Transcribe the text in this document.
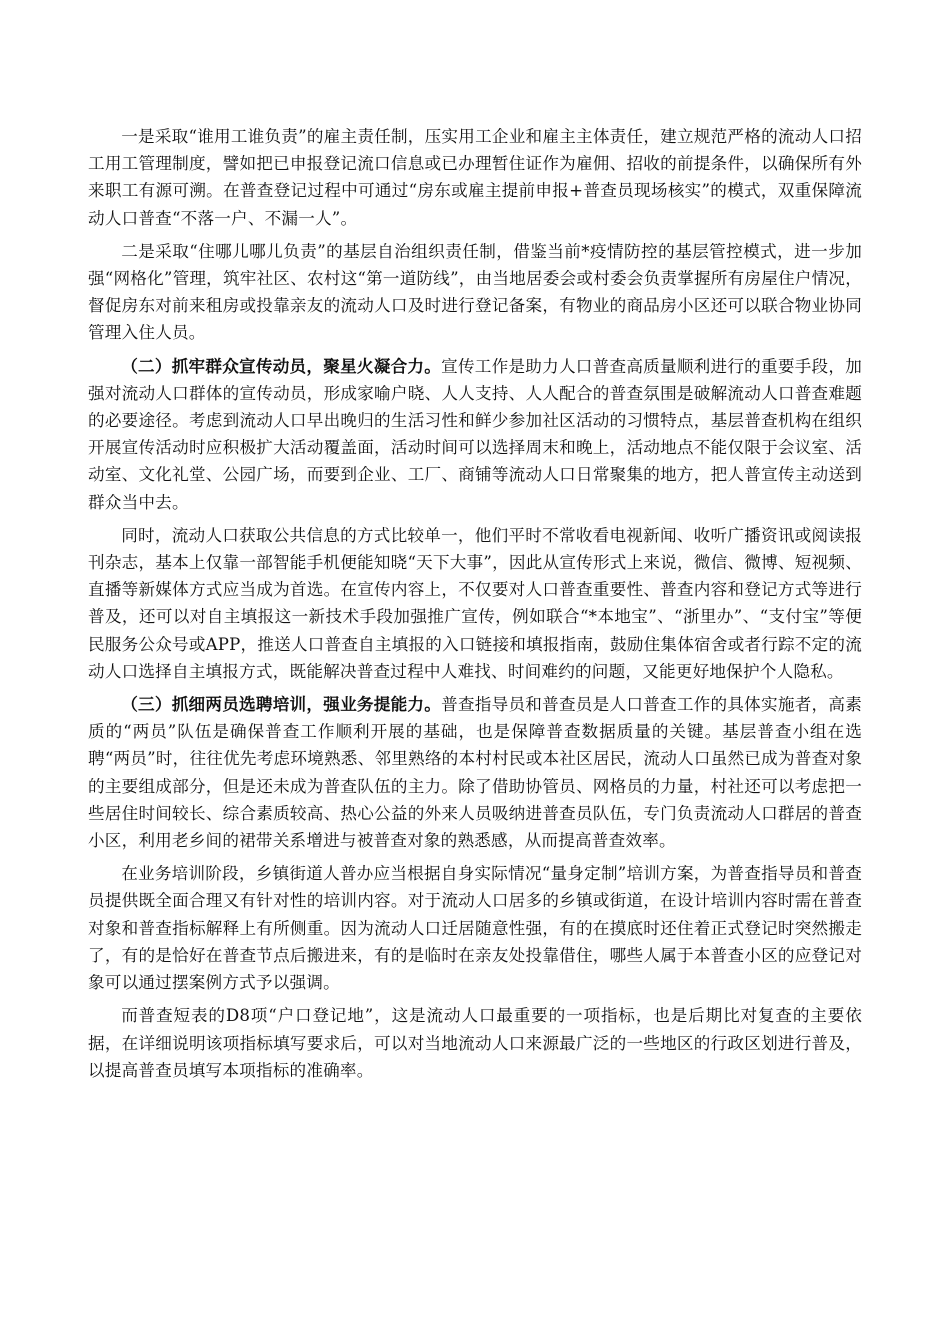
一是采取“谁用工谁负责”的雇主责任制，压实用工企业和雇主主体责任，建立规范严格的流动人口招工用工管理制度，譬如把已申报登记流口信息或已办理暂住证作为雇佣、招收的前提条件，以确保所有外来职工有源可溯。在普查登记过程中可通过“房东或雇主提前申报+普查员现场核实”的模式，双重保障流动人口普查“不落一户、不漏一人”。

二是采取“住哪儿哪儿负责”的基层自治组织责任制，借鉴当前*疫情防控的基层管控模式，进一步加强“网格化”管理，筑牢社区、农村这“第一道防线”，由当地居委会或村委会负责掌握所有房屋住户情况，督促房东对前来租房或投靠亲友的流动人口及时进行登记备案，有物业的商品房小区还可以联合物业协同管理入住人员。

（二）抓牢群众宣传动员，聚星火凝合力。宣传工作是助力人口普查高质量顺利进行的重要手段，加强对流动人口群体的宣传动员，形成家喻户晓、人人支持、人人配合的普查氛围是破解流动人口普查难题的必要途径。考虑到流动人口早出晚归的生活习性和鲜少参加社区活动的习惯特点，基层普查机构在组织开展宣传活动时应积极扩大活动覆盖面，活动时间可以选择周末和晚上，活动地点不能仅限于会议室、活动室、文化礼堂、公园广场，而要到企业、工厂、商铺等流动人口日常聚集的地方，把人普宣传主动送到群众当中去。

同时，流动人口获取公共信息的方式比较单一，他们平时不常收看电视新闻、收听广播资讯或阅读报刊杂志，基本上仅靠一部智能手机便能知晓“天下大事”，因此从宣传形式上来说，微信、微博、短视频、直播等新媒体方式应当成为首选。在宣传内容上，不仅要对人口普查重要性、普查内容和登记方式等进行普及，还可以对自主填报这一新技术手段加强推广宣传，例如联合“*本地宝”、“浙里办”、“支付宝”等便民服务公众号或APP，推送人口普查自主填报的入口链接和填报指南，鼓励住集体宿舍或者行踪不定的流动人口选择自主填报方式，既能解决普查过程中人难找、时间难约的问题，又能更好地保护个人隐私。

（三）抓细两员选聘培训，强业务提能力。普查指导员和普查员是人口普查工作的具体实施者，高素质的“两员”队伍是确保普查工作顺利开展的基础，也是保障普查数据质量的关键。基层普查小组在选聘“两员”时，往往优先考虑环境熟悉、邻里熟络的本村村民或本社区居民，流动人口虽然已成为普查对象的主要组成部分，但是还未成为普查队伍的主力。除了借助协管员、网格员的力量，村社还可以考虑把一些居住时间较长、综合素质较高、热心公益的外来人员吸纳进普查员队伍，专门负责流动人口群居的普查小区，利用老乡间的裙带关系增进与被普查对象的熟悉感，从而提高普查效率。

在业务培训阶段，乡镇街道人普办应当根据自身实际情况“量身定制”培训方案，为普查指导员和普查员提供既全面合理又有针对性的培训内容。对于流动人口居多的乡镇或街道，在设计培训内容时需在普查对象和普查指标解释上有所侧重。因为流动人口迁居随意性强，有的在摸底时还住着正式登记时突然搬走了，有的是恰好在普查节点后搬进来，有的是临时在亲友处投靠借住，哪些人属于本普查小区的应登记对象可以通过摆案例方式予以强调。

而普查短表的D8项“户口登记地”，这是流动人口最重要的一项指标，也是后期比对复查的主要依据，在详细说明该项指标填写要求后，可以对当地流动人口来源最广泛的一些地区的行政区划进行普及，以提高普查员填写本项指标的准确率。
